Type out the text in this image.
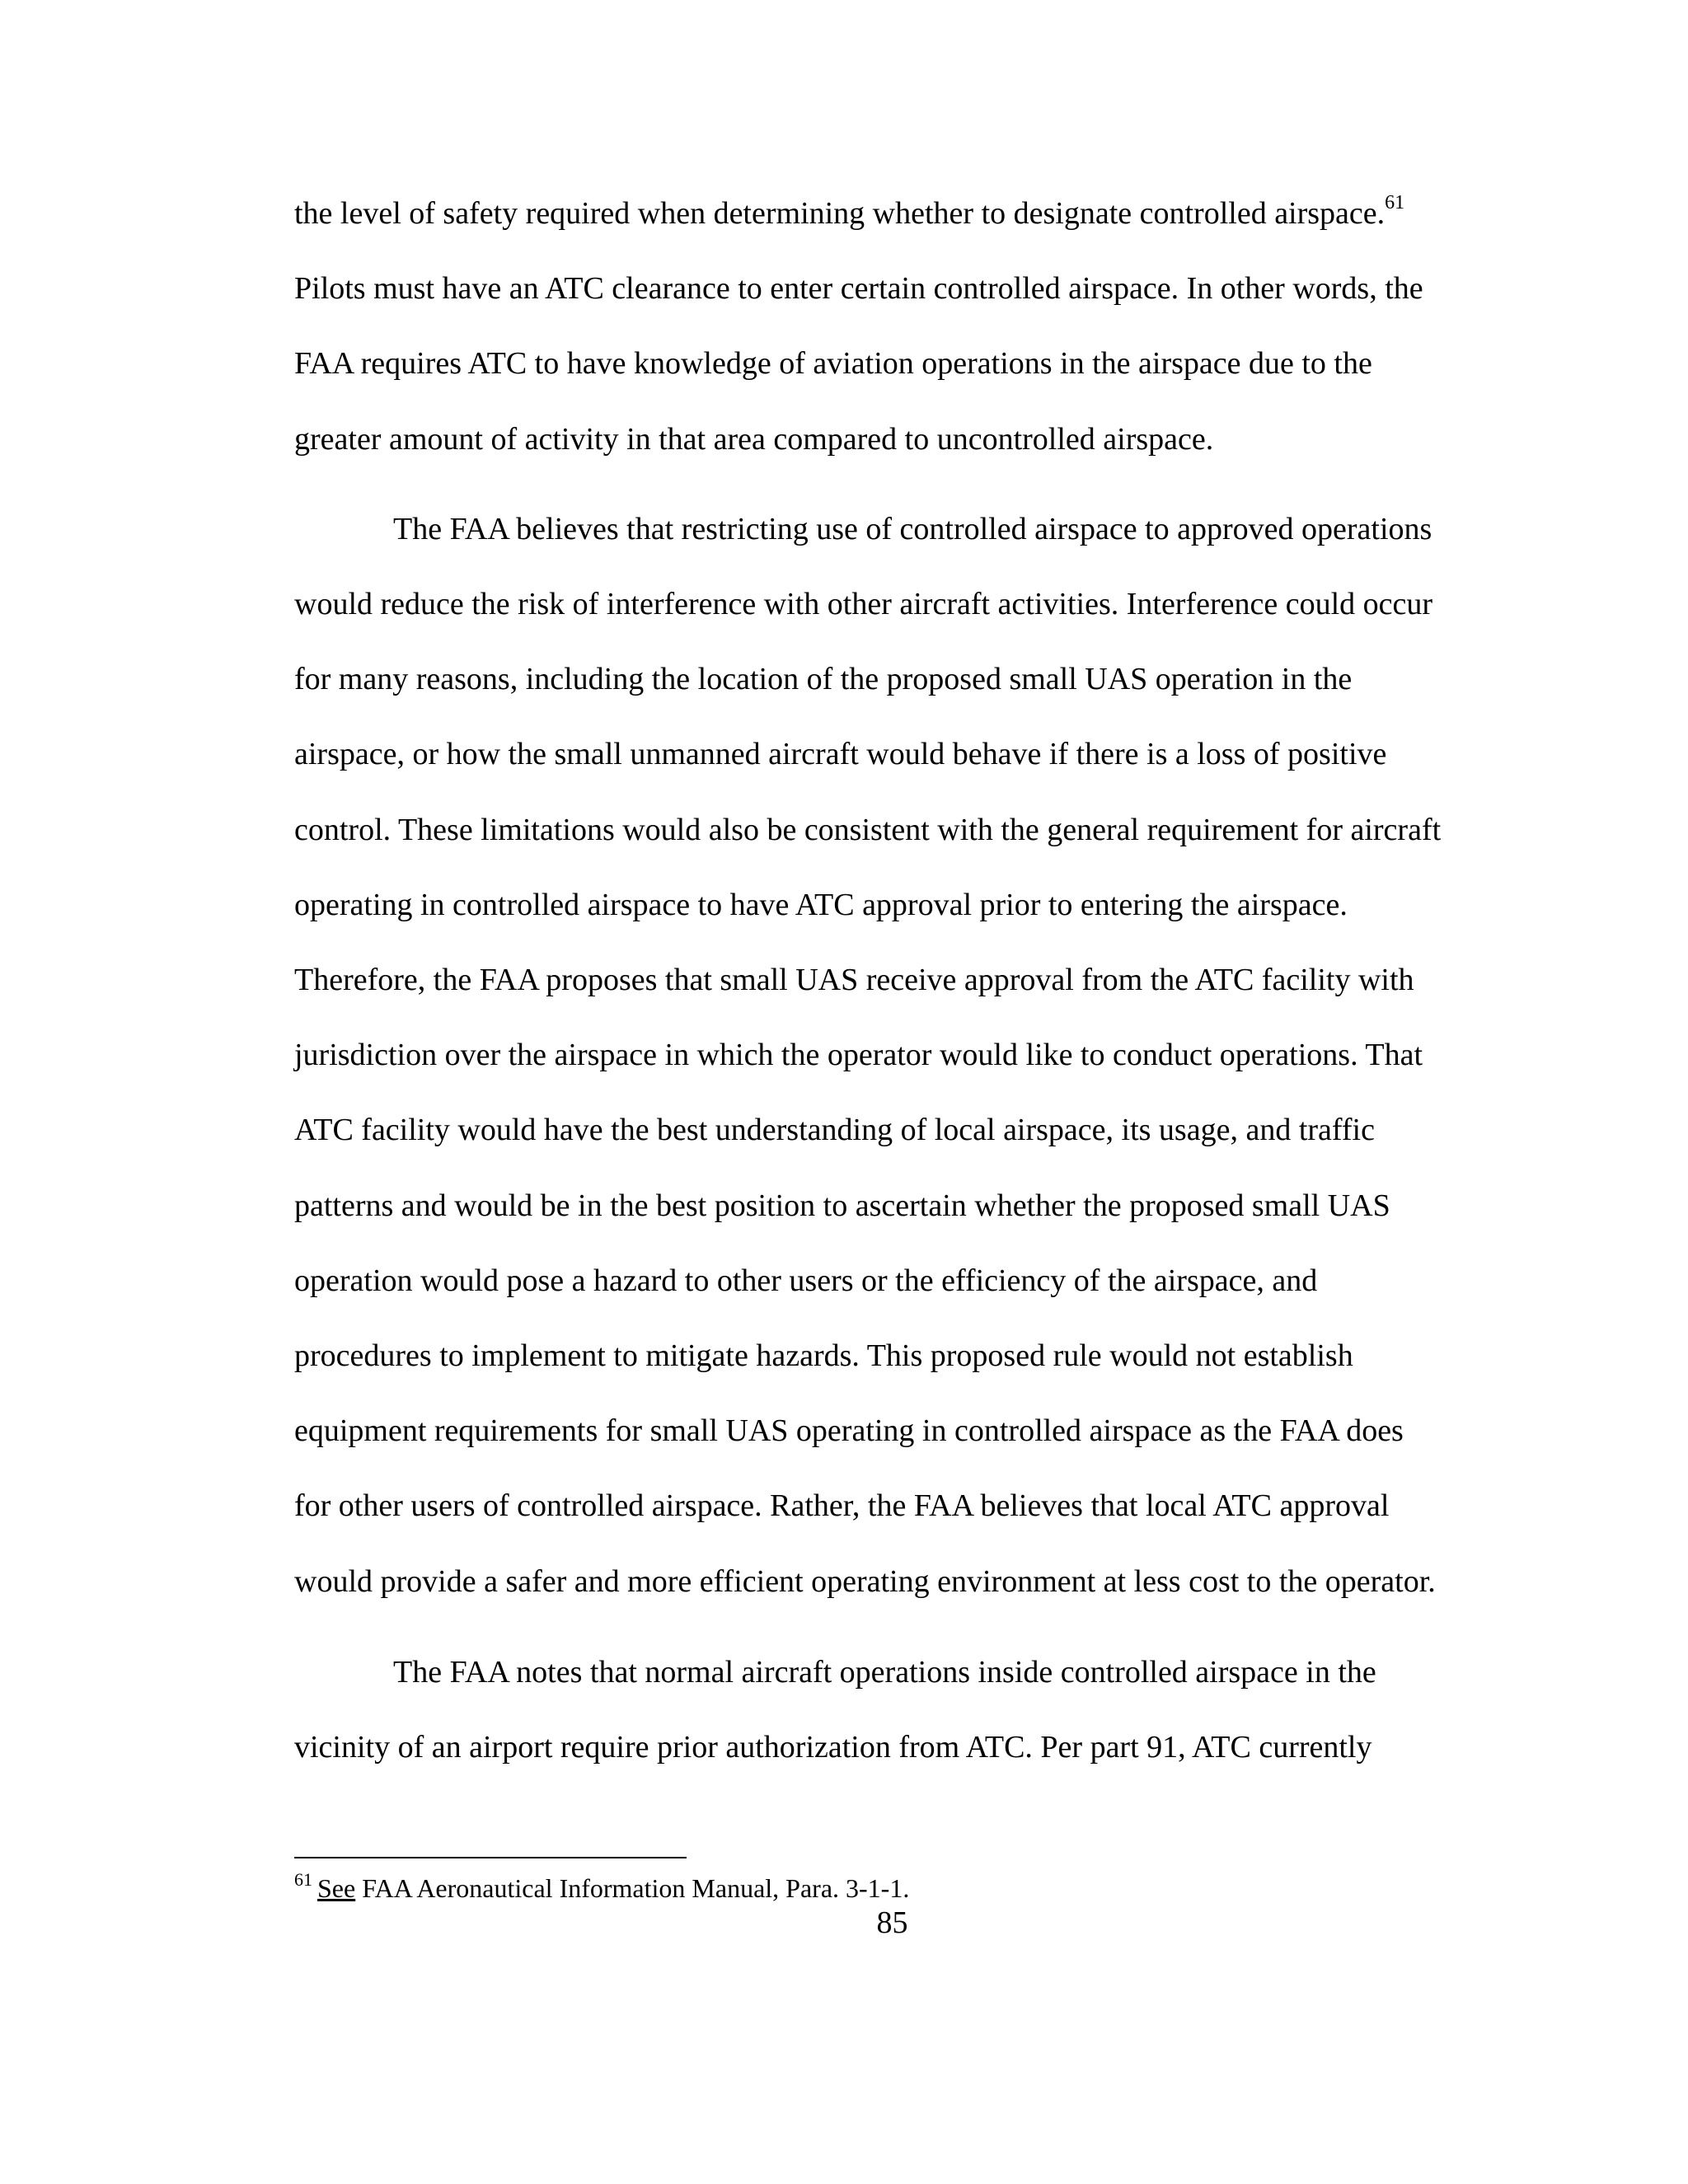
the level of safety required when determining whether to designate controlled airspace.$^{61}$

Pilots must have an ATC clearance to enter certain controlled airspace. In other words, the

FAA requires ATC to have knowledge of aviation operations in the airspace due to the

greater amount of activity in that area compared to uncontrolled airspace.

The FAA believes that restricting use of controlled airspace to approved operations

would reduce the risk of interference with other aircraft activities. Interference could occur

for many reasons, including the location of the proposed small UAS operation in the

airspace, or how the small unmanned aircraft would behave if there is a loss of positive

control. These limitations would also be consistent with the general requirement for aircraft

operating in controlled airspace to have ATC approval prior to entering the airspace.

Therefore, the FAA proposes that small UAS receive approval from the ATC facility with

jurisdiction over the airspace in which the operator would like to conduct operations. That

ATC facility would have the best understanding of local airspace, its usage, and traffic

patterns and would be in the best position to ascertain whether the proposed small UAS

operation would pose a hazard to other users or the efficiency of the airspace, and

procedures to implement to mitigate hazards. This proposed rule would not establish

equipment requirements for small UAS operating in controlled airspace as the FAA does

for other users of controlled airspace. Rather, the FAA believes that local ATC approval

would provide a safer and more efficient operating environment at less cost to the operator.

The FAA notes that normal aircraft operations inside controlled airspace in the

vicinity of an airport require prior authorization from ATC. Per part 91, ATC currently

$^{61}$ See FAA Aeronautical Information Manual, Para. 3-1-1.
85
